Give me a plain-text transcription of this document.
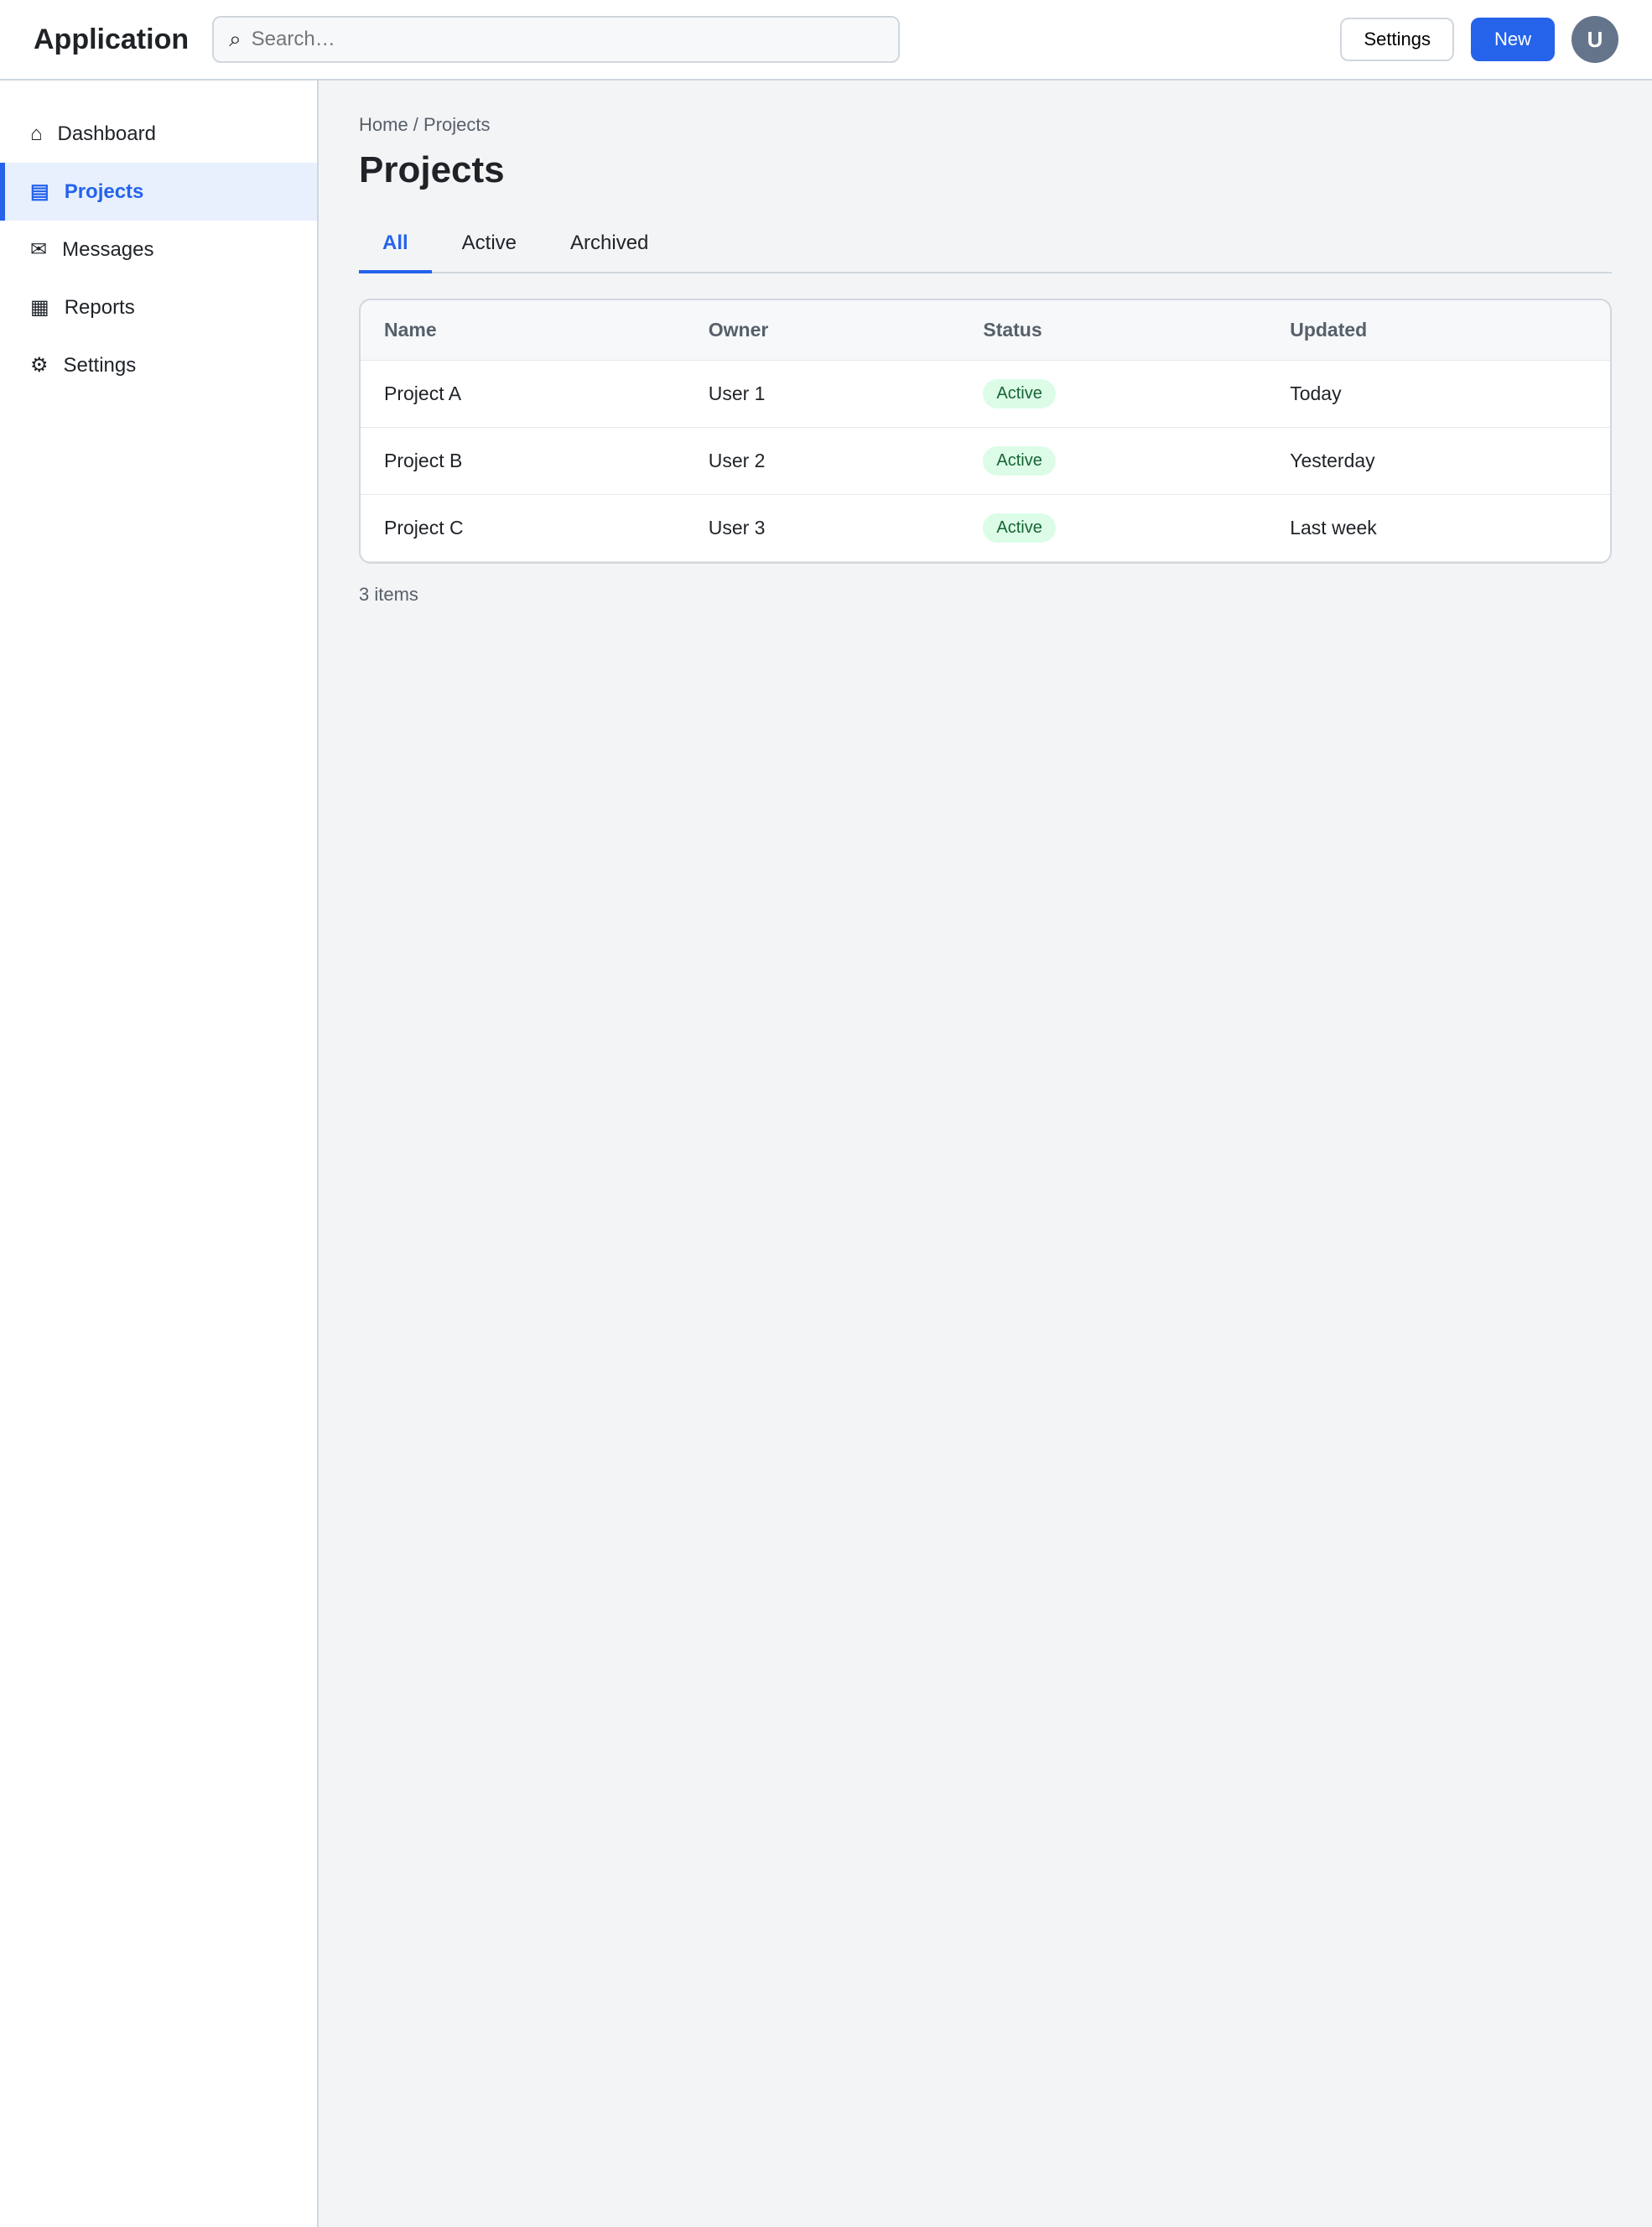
Application ⌕
Search…	Settings	New	U
⌂ Dashboard
▤ Projects
✉ Messages
▦ Reports
⚙ Settings
Home / Projects
Projects
All	Active	Archived
Name	Owner	Status	Updated
Project A	User 1	Active	Today
Project B	User 2	Active	Yesterday
Project C	User 3	Active	Last week
3 items
